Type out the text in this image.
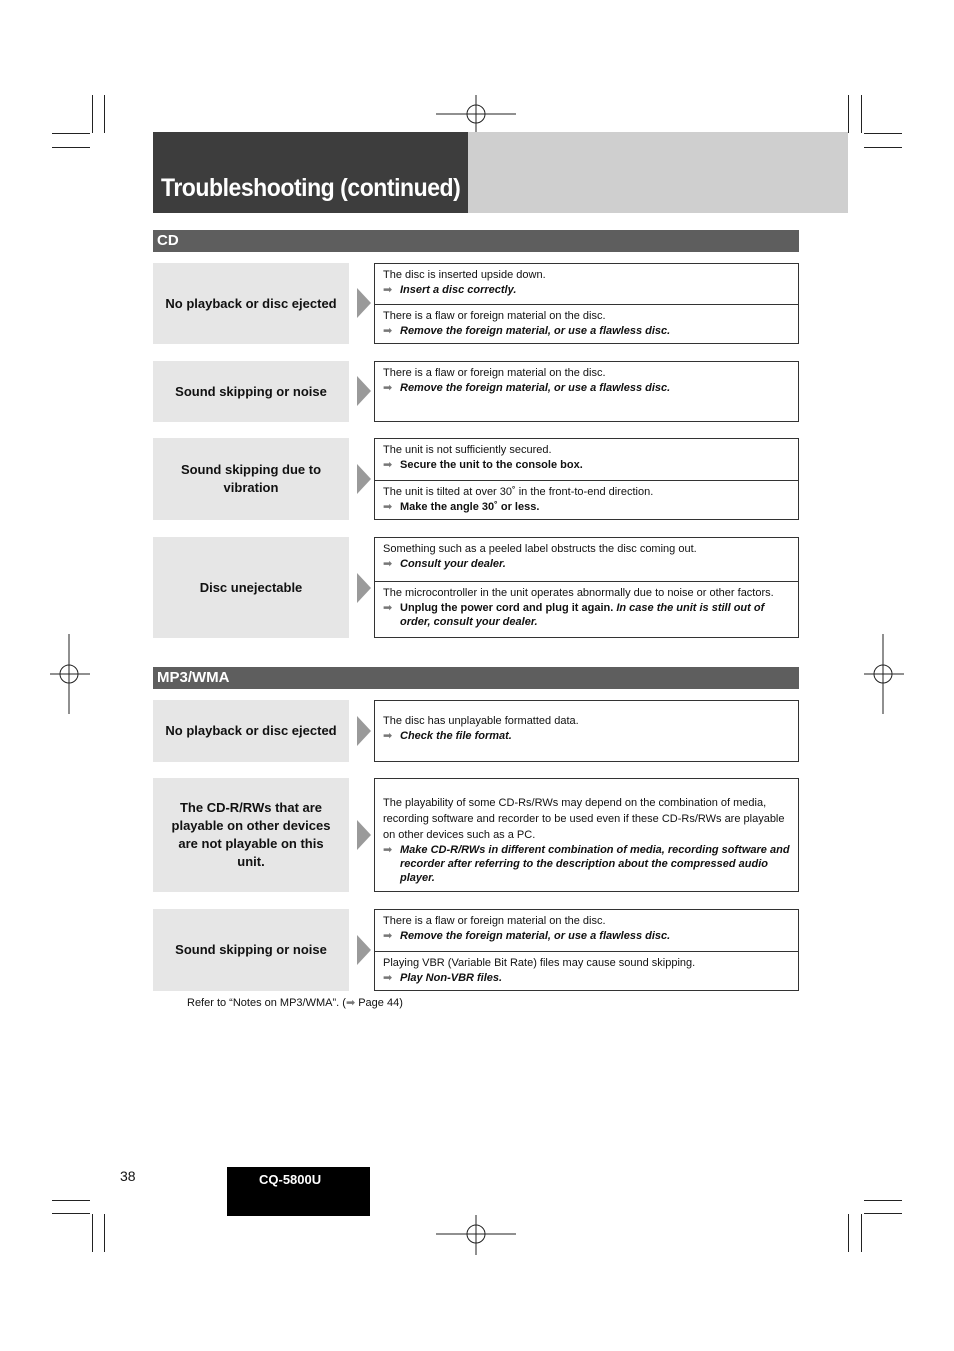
Troubleshooting (continued)
CD
No playback or disc ejected
The disc is inserted upside down.
➡ Insert a disc correctly.
There is a flaw or foreign material on the disc.
➡ Remove the foreign material, or use a flawless disc.
Sound skipping or noise
There is a flaw or foreign material on the disc.
➡ Remove the foreign material, or use a flawless disc.
Sound skipping due to vibration
The unit is not sufficiently secured.
➡ Secure the unit to the console box.
The unit is tilted at over 30˚ in the front-to-end direction.
➡ Make the angle 30˚ or less.
Disc unejectable
Something such as a peeled label obstructs the disc coming out.
➡ Consult your dealer.
The microcontroller in the unit operates abnormally due to noise or other factors.
➡ Unplug the power cord and plug it again. In case the unit is still out of order, consult your dealer.
MP3/WMA
No playback or disc ejected
The disc has unplayable formatted data.
➡ Check the file format.
The CD-R/RWs that are playable on other devices are not playable on this unit.
The playability of some CD-Rs/RWs may depend on the combination of media, recording software and recorder to be used even if these CD-Rs/RWs are playable on other devices such as a PC.
➡ Make CD-R/RWs in different combination of media, recording software and recorder after referring to the description about the compressed audio player.
Sound skipping or noise
There is a flaw or foreign material on the disc.
➡ Remove the foreign material, or use a flawless disc.
Playing VBR (Variable Bit Rate) files may cause sound skipping.
➡ Play Non-VBR files.
Refer to “Notes on MP3/WMA”. (➡ Page 44)
38	CQ-5800U
